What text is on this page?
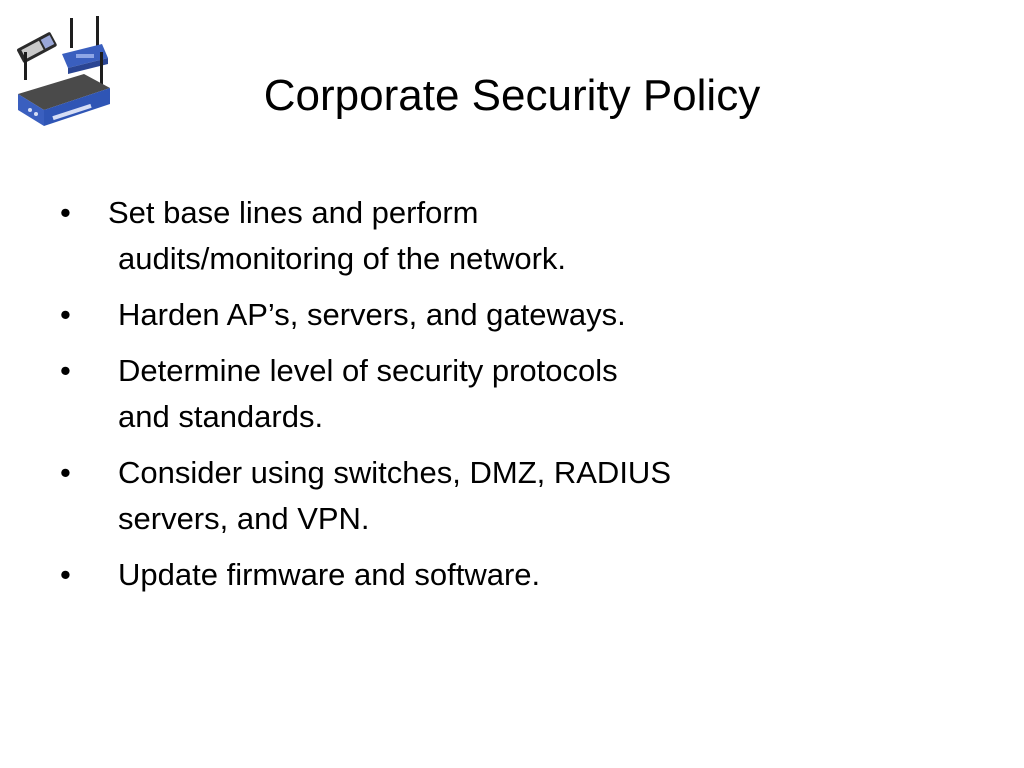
Corporate Security Policy
•	Set base lines and perform
audits/monitoring of the network.
•	Harden AP’s, servers, and gateways.
•	Determine level of security protocols
and standards.
•	Consider using switches, DMZ, RADIUS
servers, and VPN.
•	Update firmware and software.
